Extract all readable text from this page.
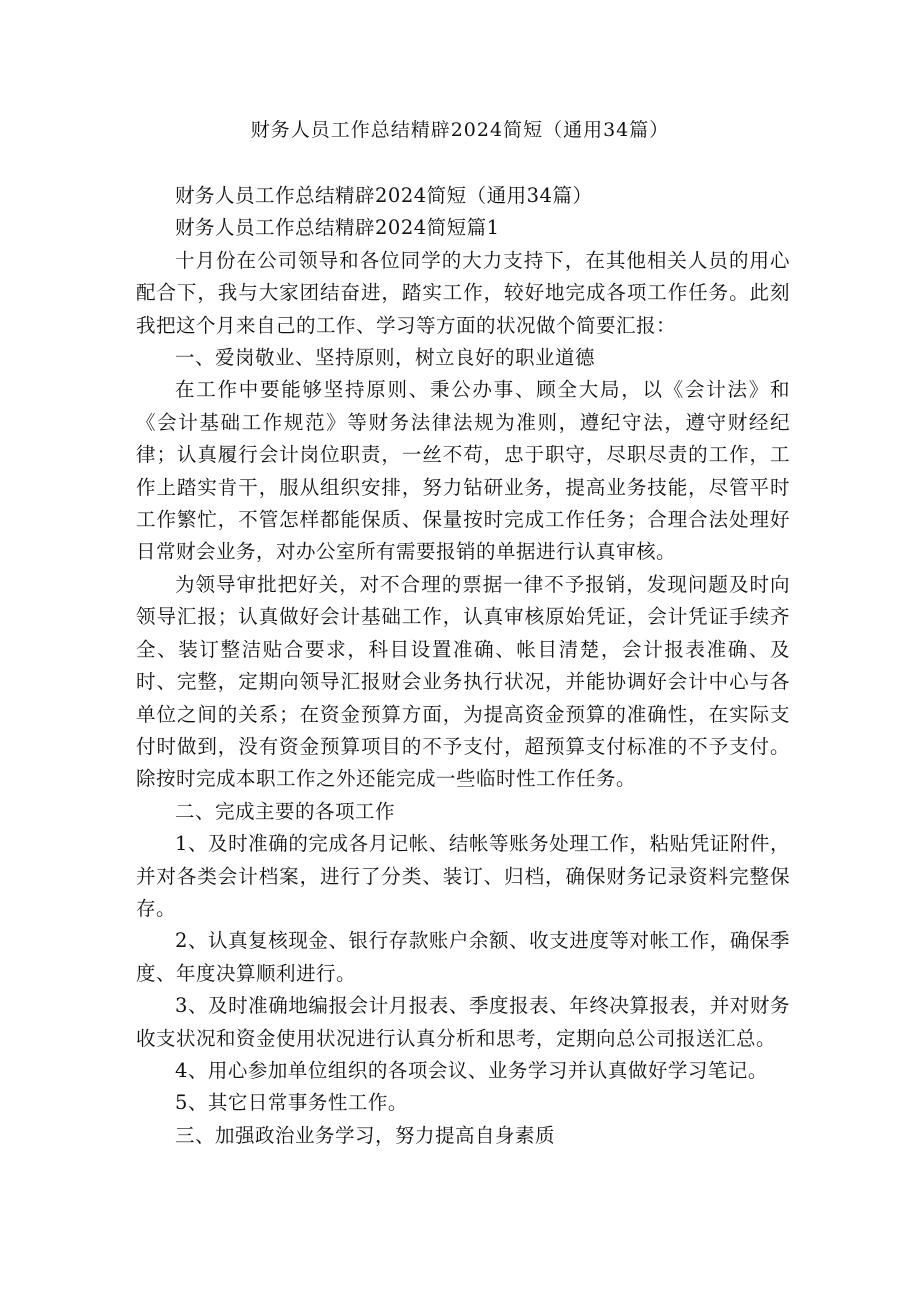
财务人员工作总结精辟2024简短（通用34篇）

财务人员工作总结精辟2024简短（通用34篇）

财务人员工作总结精辟2024简短篇1

十月份在公司领导和各位同学的大力支持下，在其他相关人员的用心配合下，我与大家团结奋进，踏实工作，较好地完成各项工作任务。此刻我把这个月来自己的工作、学习等方面的状况做个简要汇报：

一、爱岗敬业、坚持原则，树立良好的职业道德

在工作中要能够坚持原则、秉公办事、顾全大局，以《会计法》和《会计基础工作规范》等财务法律法规为准则，遵纪守法，遵守财经纪律；认真履行会计岗位职责，一丝不苟，忠于职守，尽职尽责的工作，工作上踏实肯干，服从组织安排，努力钻研业务，提高业务技能，尽管平时工作繁忙，不管怎样都能保质、保量按时完成工作任务；合理合法处理好日常财会业务，对办公室所有需要报销的单据进行认真审核。

为领导审批把好关，对不合理的票据一律不予报销，发现问题及时向领导汇报；认真做好会计基础工作，认真审核原始凭证，会计凭证手续齐全、装订整洁贴合要求，科目设置准确、帐目清楚，会计报表准确、及时、完整，定期向领导汇报财会业务执行状况，并能协调好会计中心与各单位之间的关系；在资金预算方面，为提高资金预算的准确性，在实际支付时做到，没有资金预算项目的不予支付，超预算支付标准的不予支付。除按时完成本职工作之外还能完成一些临时性工作任务。

二、完成主要的各项工作

1、及时准确的完成各月记帐、结帐等账务处理工作，粘贴凭证附件，并对各类会计档案，进行了分类、装订、归档，确保财务记录资料完整保存。

2、认真复核现金、银行存款账户余额、收支进度等对帐工作，确保季度、年度决算顺利进行。

3、及时准确地编报会计月报表、季度报表、年终决算报表，并对财务收支状况和资金使用状况进行认真分析和思考，定期向总公司报送汇总。

4、用心参加单位组织的各项会议、业务学习并认真做好学习笔记。

5、其它日常事务性工作。

三、加强政治业务学习，努力提高自身素质
